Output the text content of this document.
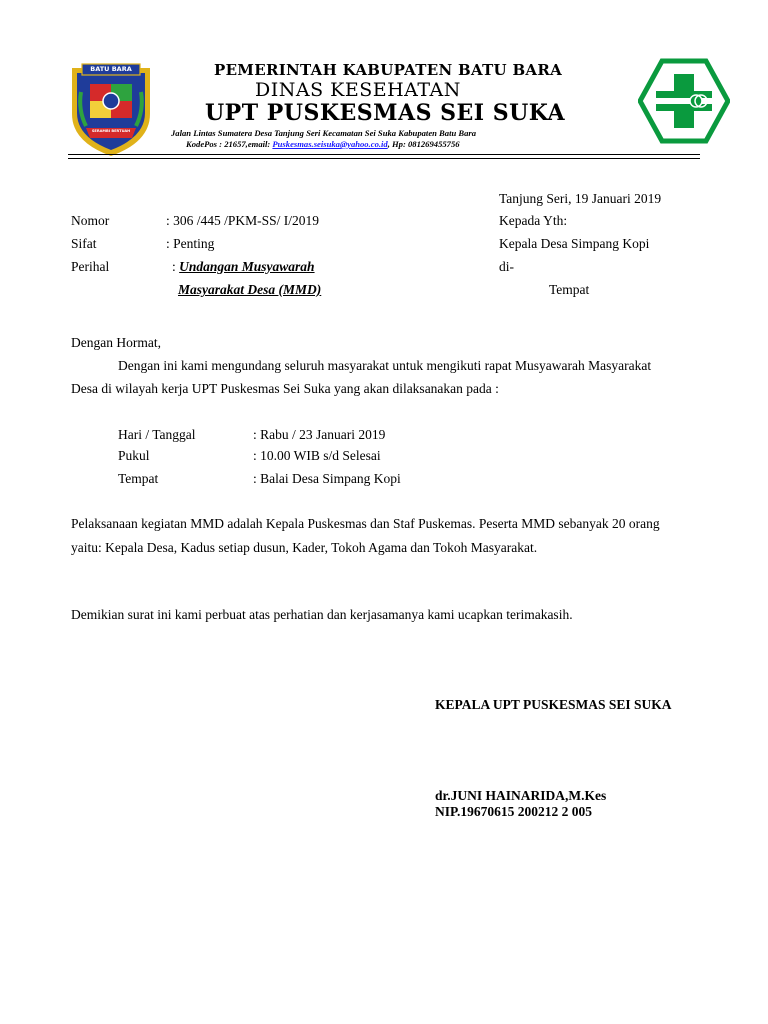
BATU BARA
SERAMBI BERTUAH
PEMERINTAH KABUPATEN BATU BARA
DINAS KESEHATAN
UPT PUSKESMAS SEI SUKA
Jalan Lintas Sumatera Desa Tanjung Seri Kecamatan Sei Suka Kabupaten Batu Bara
KodePos : 21657,email: Puskesmas.seisuka@yahoo.co.id, Hp: 081269455756
Tanjung Seri, 19 Januari 2019
Nomor	: 306 /445 /PKM-SS/ I/2019
Sifat	: Penting
Perihal	: Undangan Musyawarah
Masyarakat Desa (MMD)
Kepada Yth:
Kepala Desa Simpang Kopi
di-
Tempat
Dengan Hormat,
Dengan ini kami mengundang seluruh masyarakat untuk mengikuti rapat Musyawarah Masyarakat
Desa di wilayah kerja UPT Puskesmas Sei Suka yang akan dilaksanakan pada :
Hari / Tanggal	: Rabu / 23 Januari 2019
Pukul	: 10.00 WIB s/d Selesai
Tempat	: Balai Desa Simpang Kopi
Pelaksanaan kegiatan MMD adalah Kepala Puskesmas dan Staf Puskemas. Peserta MMD sebanyak 20 orang
yaitu: Kepala Desa, Kadus setiap dusun, Kader, Tokoh Agama dan Tokoh Masyarakat.
Demikian surat ini kami perbuat atas perhatian dan kerjasamanya kami ucapkan terimakasih.
KEPALA UPT PUSKESMAS SEI SUKA
dr.JUNI HAINARIDA,M.Kes
NIP.19670615 200212 2 005
